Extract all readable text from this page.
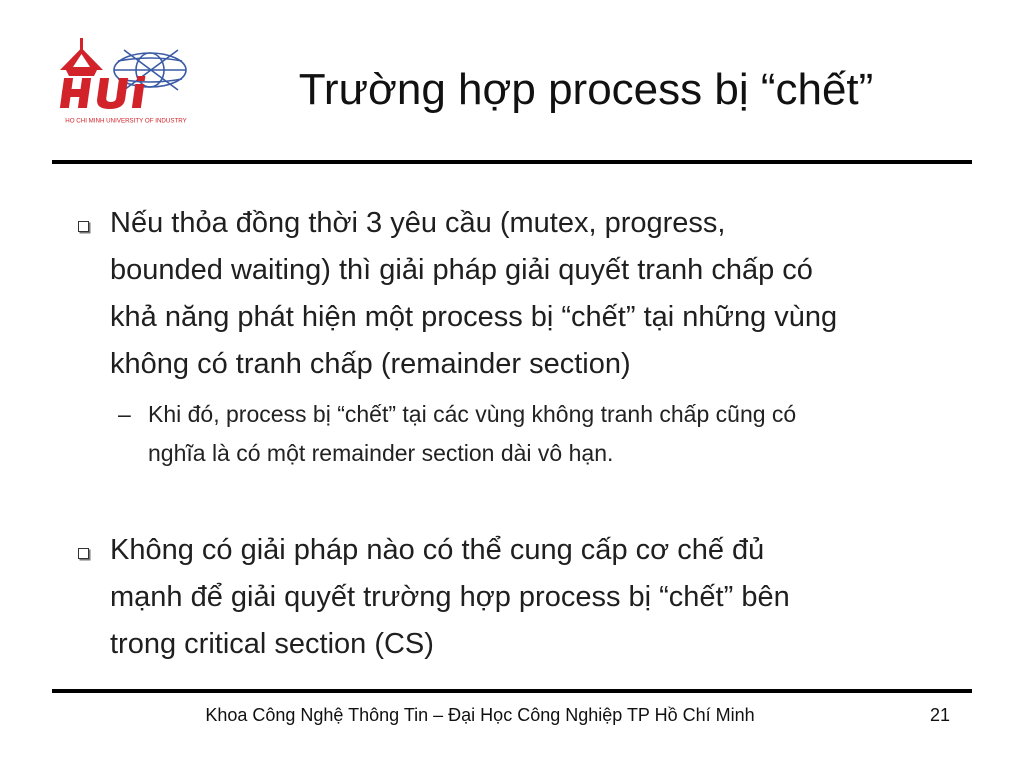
HO CHI MINH UNIVERSITY OF INDUSTRY
Trường hợp process bị “chết”
Nếu thỏa đồng thời 3 yêu cầu (mutex, progress,
bounded waiting) thì giải pháp giải quyết tranh chấp có
khả năng phát hiện một process bị “chết” tại những vùng
không có tranh chấp (remainder section)
– Khi đó, process bị “chết” tại các vùng không tranh chấp cũng có
nghĩa là có một remainder section dài vô hạn.
Không có giải pháp nào có thể cung cấp cơ chế đủ
mạnh để giải quyết trường hợp process bị “chết” bên
trong critical section (CS)
Khoa Công Nghệ Thông Tin – Đại Học Công Nghiệp TP Hồ Chí Minh	21
